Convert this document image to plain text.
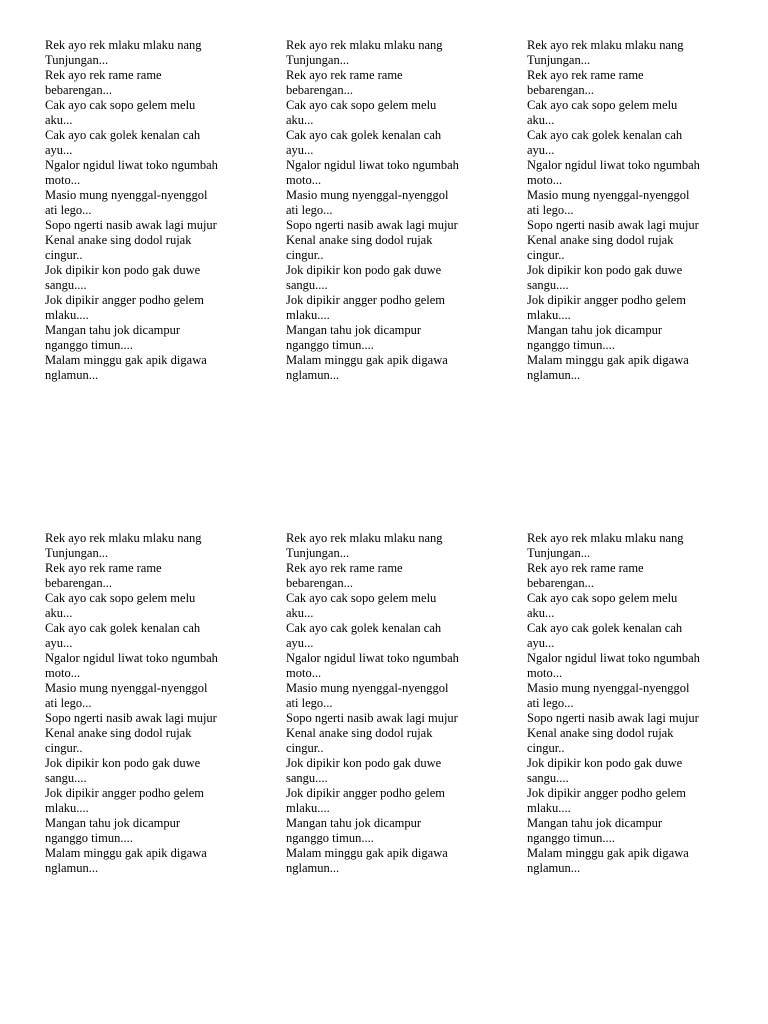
Rek ayo rek mlaku mlaku nang
Tunjungan...
Rek ayo rek rame rame
bebarengan...
Cak ayo cak sopo gelem melu
aku...
Cak ayo cak golek kenalan cah
ayu...
Ngalor ngidul liwat toko ngumbah
moto...
Masio mung nyenggal-nyenggol
ati lego...
Sopo ngerti nasib awak lagi mujur
Kenal anake sing dodol rujak
cingur..
Jok dipikir kon podo gak duwe
sangu....
Jok dipikir angger podho gelem
mlaku....
Mangan tahu jok dicampur
nganggo timun....
Malam minggu gak apik digawa
nglamun...
Rek ayo rek mlaku mlaku nang
Tunjungan...
Rek ayo rek rame rame
bebarengan...
Cak ayo cak sopo gelem melu
aku...
Cak ayo cak golek kenalan cah
ayu...
Ngalor ngidul liwat toko ngumbah
moto...
Masio mung nyenggal-nyenggol
ati lego...
Sopo ngerti nasib awak lagi mujur
Kenal anake sing dodol rujak
cingur..
Jok dipikir kon podo gak duwe
sangu....
Jok dipikir angger podho gelem
mlaku....
Mangan tahu jok dicampur
nganggo timun....
Malam minggu gak apik digawa
nglamun...
Rek ayo rek mlaku mlaku nang
Tunjungan...
Rek ayo rek rame rame
bebarengan...
Cak ayo cak sopo gelem melu
aku...
Cak ayo cak golek kenalan cah
ayu...
Ngalor ngidul liwat toko ngumbah
moto...
Masio mung nyenggal-nyenggol
ati lego...
Sopo ngerti nasib awak lagi mujur
Kenal anake sing dodol rujak
cingur..
Jok dipikir kon podo gak duwe
sangu....
Jok dipikir angger podho gelem
mlaku....
Mangan tahu jok dicampur
nganggo timun....
Malam minggu gak apik digawa
nglamun...
Rek ayo rek mlaku mlaku nang
Tunjungan...
Rek ayo rek rame rame
bebarengan...
Cak ayo cak sopo gelem melu
aku...
Cak ayo cak golek kenalan cah
ayu...
Ngalor ngidul liwat toko ngumbah
moto...
Masio mung nyenggal-nyenggol
ati lego...
Sopo ngerti nasib awak lagi mujur
Kenal anake sing dodol rujak
cingur..
Jok dipikir kon podo gak duwe
sangu....
Jok dipikir angger podho gelem
mlaku....
Mangan tahu jok dicampur
nganggo timun....
Malam minggu gak apik digawa
nglamun...
Rek ayo rek mlaku mlaku nang
Tunjungan...
Rek ayo rek rame rame
bebarengan...
Cak ayo cak sopo gelem melu
aku...
Cak ayo cak golek kenalan cah
ayu...
Ngalor ngidul liwat toko ngumbah
moto...
Masio mung nyenggal-nyenggol
ati lego...
Sopo ngerti nasib awak lagi mujur
Kenal anake sing dodol rujak
cingur..
Jok dipikir kon podo gak duwe
sangu....
Jok dipikir angger podho gelem
mlaku....
Mangan tahu jok dicampur
nganggo timun....
Malam minggu gak apik digawa
nglamun...
Rek ayo rek mlaku mlaku nang
Tunjungan...
Rek ayo rek rame rame
bebarengan...
Cak ayo cak sopo gelem melu
aku...
Cak ayo cak golek kenalan cah
ayu...
Ngalor ngidul liwat toko ngumbah
moto...
Masio mung nyenggal-nyenggol
ati lego...
Sopo ngerti nasib awak lagi mujur
Kenal anake sing dodol rujak
cingur..
Jok dipikir kon podo gak duwe
sangu....
Jok dipikir angger podho gelem
mlaku....
Mangan tahu jok dicampur
nganggo timun....
Malam minggu gak apik digawa
nglamun...
